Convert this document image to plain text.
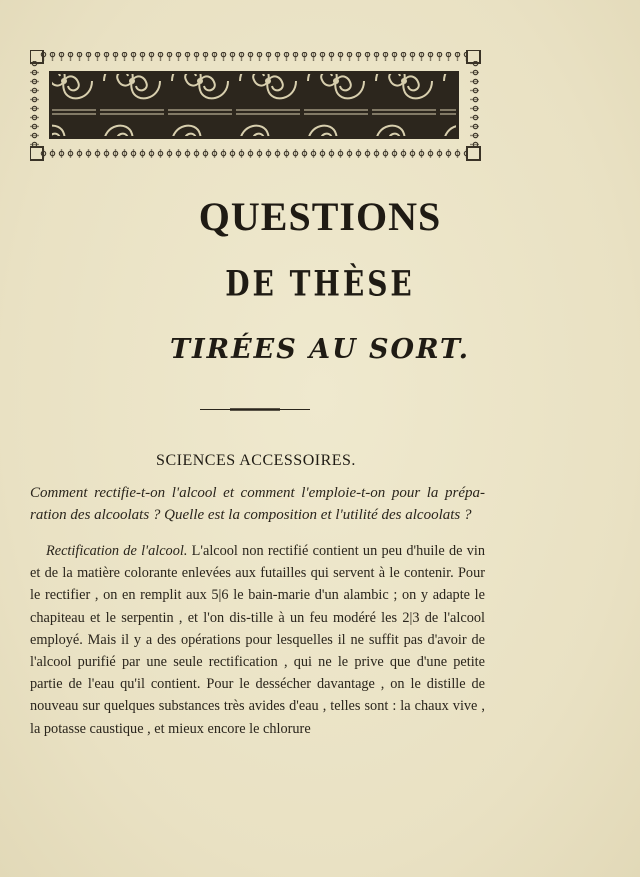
QUESTIONS
DE THÈSE
TIRÉES AU SORT.
SCIENCES ACCESSOIRES.
Comment rectifie-t-on l'alcool et comment l'emploie-t-on pour la prépa-ration des alcoolats ? Quelle est la composition et l'utilité des alcoolats ?
Rectification de l'alcool. L'alcool non rectifié contient un peu d'huile de vin et de la matière colorante enlevées aux futailles qui servent à le contenir. Pour le rectifier , on en remplit aux 5|6 le bain-marie d'un alambic ; on y adapte le chapiteau et le serpentin , et l'on dis-tille à un feu modéré les 2|3 de l'alcool employé. Mais il y a des opérations pour lesquelles il ne suffit pas d'avoir de l'alcool purifié par une seule rectification , qui ne le prive que d'une petite partie de l'eau qu'il contient. Pour le dessécher davantage , on le distille de nouveau sur quelques substances très avides d'eau , telles sont : la chaux vive , la potasse caustique , et mieux encore le chlorure
